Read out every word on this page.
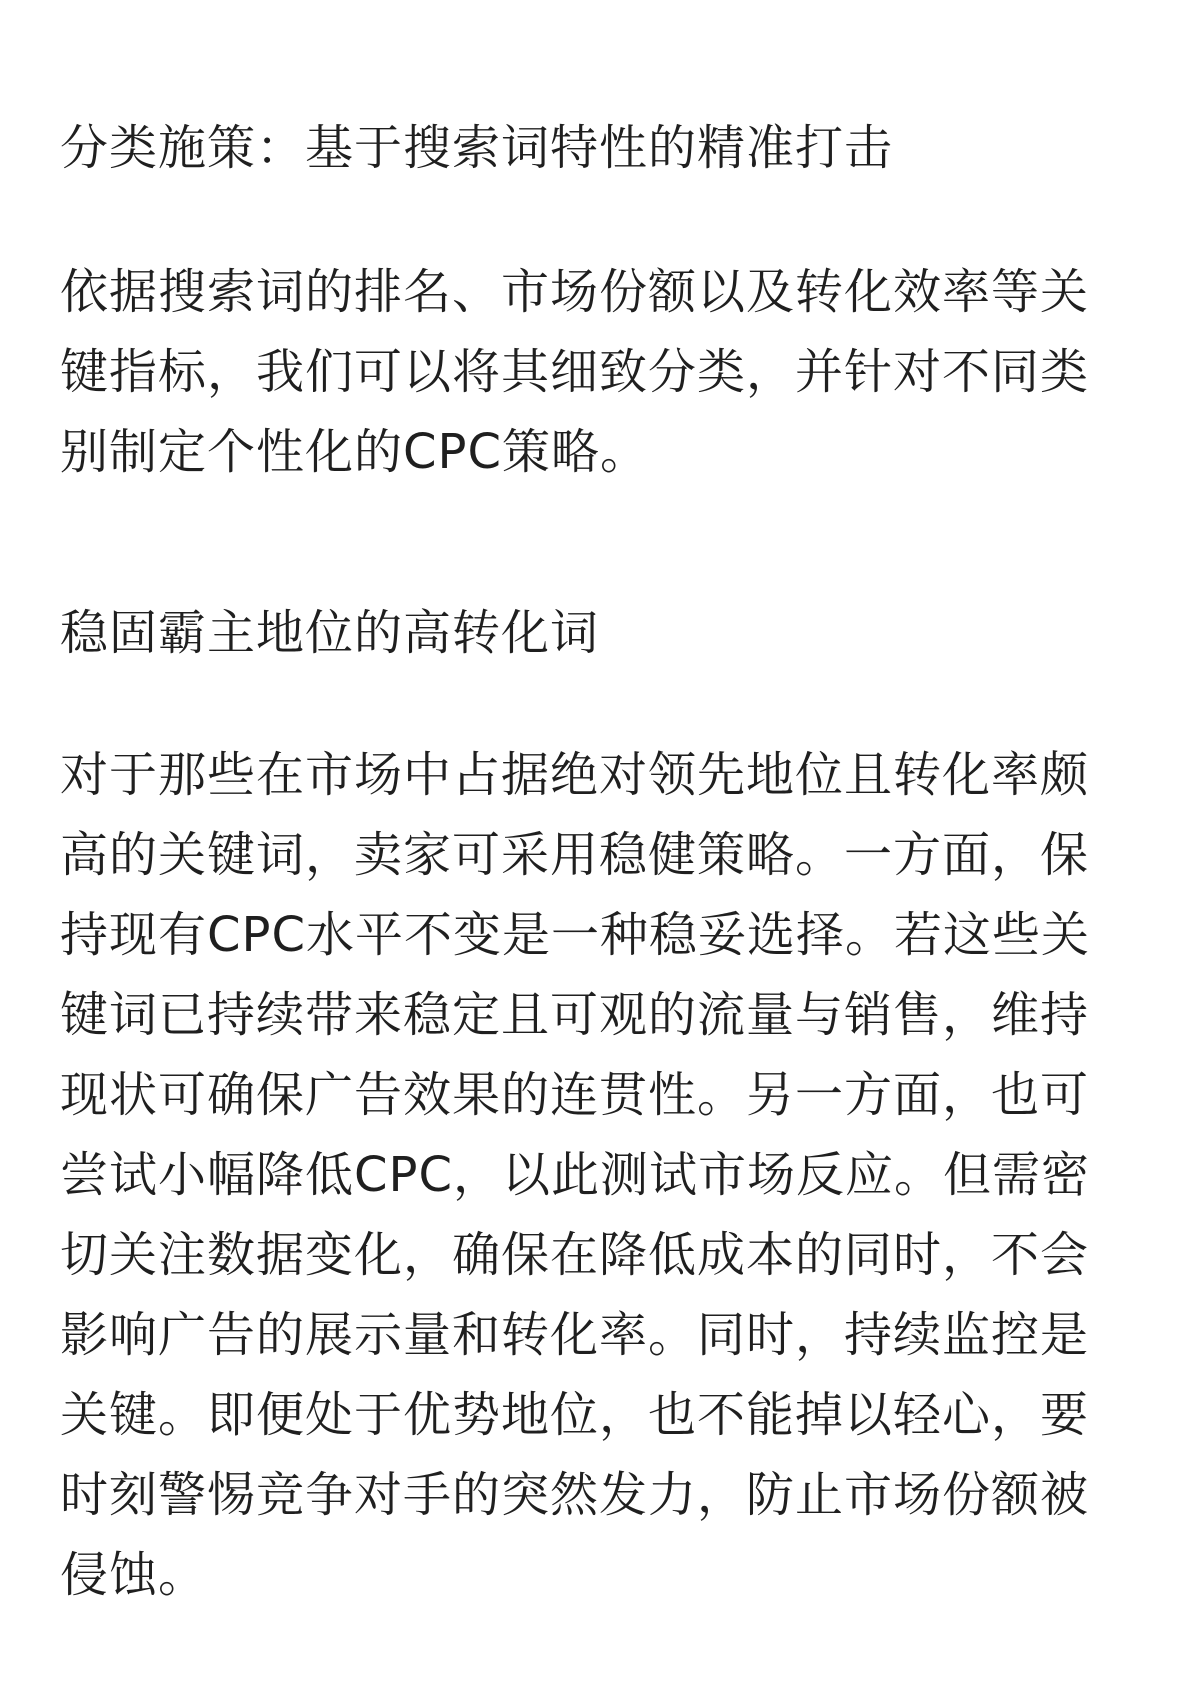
分类施策：基于搜索词特性的精准打击

依据搜索词的排名、市场份额以及转化效率等关键指标，我们可以将其细致分类，并针对不同类别制定个性化的CPC策略。

稳固霸主地位的高转化词

对于那些在市场中占据绝对领先地位且转化率颇高的关键词，卖家可采用稳健策略。一方面，保持现有CPC水平不变是一种稳妥选择。若这些关键词已持续带来稳定且可观的流量与销售，维持现状可确保广告效果的连贯性。另一方面，也可尝试小幅降低CPC，以此测试市场反应。但需密切关注数据变化，确保在降低成本的同时，不会影响广告的展示量和转化率。同时，持续监控是关键。即便处于优势地位，也不能掉以轻心，要时刻警惕竞争对手的突然发力，防止市场份额被侵蚀。
